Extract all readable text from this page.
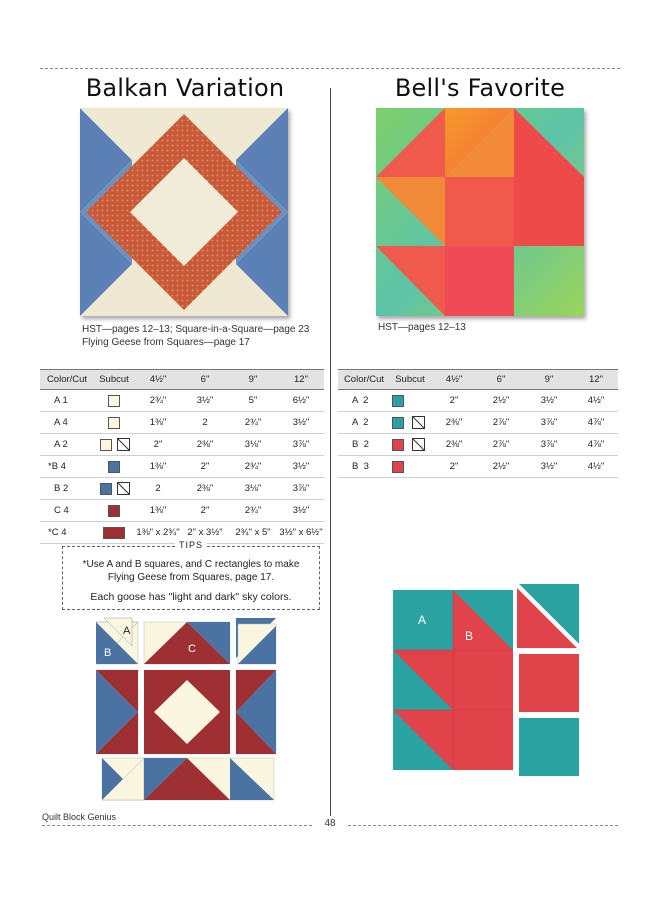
Balkan Variation
HST—pages 12–13; Square-in-a-Square—page 23
Flying Geese from Squares—page 17
Color/Cut	Subcut	4½"	6"	9"	12"
A 1		2¾"	3½"	5"	6½"
A 4		1⅜"	2	2¾"	3½"
A 2		2"	2⅜"	3⅛"	3⅞"
*B 4		1⅜"	2"	2¾"	3½"
B 2		2	2⅜"	3⅛"	3⅞"
C 4		1⅜"	2"	2¾"	3½"
*C 4		1⅜" x 2¾"	2" x 3½"	2¾" x 5"	3½" x 6½"
TIPS
*Use A and B squares, and C rectangles to make
Flying Geese from Squares, page 17.
Each goose has "light and dark" sky colors.
A
B	C
Bell's Favorite
HST—pages 12–13
Color/Cut	Subcut	4½"	6"	9"	12"
A  2		2"	2½"	3½"	4½"
A  2		2⅜"	2⅞"	3⅞"	4⅞"
B  2		2⅜"	2⅞"	3⅞"	4⅞"
B  3		2"	2½"	3½"	4½"
A
B
Quilt Block Genius
48
